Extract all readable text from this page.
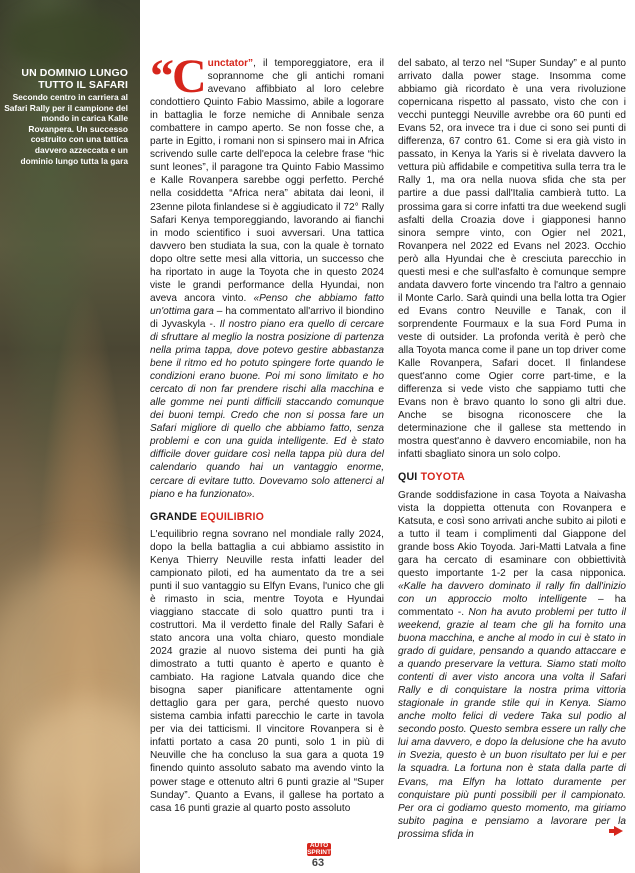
UN DOMINIO LUNGO TUTTO IL SAFARI
Secondo centro in carriera al Safari Rally per il campione del mondo in carica Kalle Rovanpera. Un successo costruito con una tattica davvero azzeccata e un dominio lungo tutta la gara

“Cunctator”, il temporeggiatore, era il soprannome che gli antichi romani avevano affibbiato al loro celebre condottiero Quinto Fabio Massimo, abile a logorare in battaglia le forze nemiche di Annibale senza combattere in campo aperto. Se non fosse che, a parte in Egitto, i romani non si spinsero mai in Africa scrivendo sulle carte dell'epoca la celebre frase “hic sunt leones”, il paragone tra Quinto Fabio Massimo e Kalle Rovanpera sarebbe oggi perfetto. Perché nella cosiddetta “Africa nera” abitata dai leoni, il 23enne pilota finlandese si è aggiudicato il 72° Rally Safari Kenya temporeggiando, lavorando ai fianchi in modo scientifico i suoi avversari. Una tattica davvero ben studiata la sua, con la quale è tornato dopo oltre sette mesi alla vittoria, un successo che ha riportato in auge la Toyota che in questo 2024 viste le grandi performance della Hyundai, non aveva ancora vinto. «Penso che abbiamo fatto un'ottima gara – ha commentato all'arrivo il biondino di Jyvaskyla -. Il nostro piano era quello di cercare di sfruttare al meglio la nostra posizione di partenza nella prima tappa, dove potevo gestire abbastanza bene il ritmo ed ho potuto spingere forte quando le condizioni erano buone. Poi mi sono limitato e ho cercato di non far prendere rischi alla macchina e alle gomme nei punti difficili staccando comunque dei buoni tempi. Credo che non si possa fare un Safari migliore di quello che abbiamo fatto, senza problemi e con una guida intelligente. Ed è stato difficile dover guidare così nella tappa più dura del calendario quando hai un vantaggio enorme, cercare di evitare tutto. Dovevamo solo attenerci al piano e ha funzionato».

GRANDE EQUILIBRIO

L'equilibrio regna sovrano nel mondiale rally 2024, dopo la bella battaglia a cui abbiamo assistito in Kenya Thierry Neuville resta infatti leader del campionato piloti, ed ha aumentato da tre a sei punti il suo vantaggio su Elfyn Evans, l'unico che gli è rimasto in scia, mentre Toyota e Hyundai viaggiano staccate di solo quattro punti tra i costruttori. Ma il verdetto finale del Rally Safari è stato ancora una volta chiaro, questo mondiale 2024 grazie al nuovo sistema dei punti ha già dimostrato a tutti quanto è aperto e quanto è cambiato. Ha ragione Latvala quando dice che bisogna saper pianificare attentamente ogni dettaglio gara per gara, perché questo nuovo sistema cambia infatti parecchio le carte in tavola per via dei tatticismi. Il vincitore Rovanpera si è infatti portato a casa 20 punti, solo 1 in più di Neuville che ha concluso la sua gara a quota 19 finendo quinto assoluto sabato ma avendo vinto la power stage e ottenuto altri 6 punti grazie al “Super Sunday”. Quanto a Evans, il gallese ha portato a casa 16 punti grazie al quarto posto assoluto

del sabato, al terzo nel “Super Sunday” e al punto arrivato dalla power stage. Insomma come abbiamo già ricordato è una vera rivoluzione copernicana rispetto al passato, visto che con i vecchi punteggi Neuville avrebbe ora 60 punti ed Evans 52, ora invece tra i due ci sono sei punti di differenza, 67 contro 61. Come si era già visto in passato, in Kenya la Yaris si è rivelata davvero la vettura più affidabile e competitiva sulla terra tra le Rally 1, ma ora nella nuova sfida che sta per partire a due passi dall'Italia cambierà tutto. La prossima gara si corre infatti tra due weekend sugli asfalti della Croazia dove i giapponesi hanno sinora sempre vinto, con Ogier nel 2021, Rovanpera nel 2022 ed Evans nel 2023. Occhio però alla Hyundai che è cresciuta parecchio in questi mesi e che sull'asfalto è comunque sempre andata davvero forte vincendo tra l'altro a gennaio il Monte Carlo. Sarà quindi una bella lotta tra Ogier ed Evans contro Neuville e Tanak, con il sorprendente Fourmaux e la sua Ford Puma in veste di outsider. La profonda verità è però che alla Toyota manca come il pane un top driver come Kalle Rovanpera, Safari docet. Il finlandese quest'anno come Ogier corre part-time, e la differenza si vede visto che sappiamo tutti che Evans non è bravo quanto lo sono gli altri due. Anche se bisogna riconoscere che la determinazione che il gallese sta mettendo in mostra quest'anno è davvero encomiabile, non ha infatti sbagliato sinora un solo colpo.

QUI TOYOTA

Grande soddisfazione in casa Toyota a Naivasha vista la doppietta ottenuta con Rovanpera e Katsuta, e così sono arrivati anche subito ai piloti e a tutto il team i complimenti dal Giappone del grande boss Akio Toyoda. Jari-Matti Latvala a fine gara ha cercato di esaminare con obbiettività questo importante 1-2 per la casa nipponica. «Kalle ha davvero dominato il rally fin dall'inizio con un approccio molto intelligente – ha commentato -. Non ha avuto problemi per tutto il weekend, grazie al team che gli ha fornito una buona macchina, e anche al modo in cui è stato in grado di guidare, pensando a quando attaccare e a quando preservare la vettura. Siamo stati molto contenti di aver visto ancora una volta il Safari Rally e di conquistare la nostra prima vittoria stagionale in grande stile qui in Kenya. Siamo anche molto felici di vedere Taka sul podio al secondo posto. Questo sembra essere un rally che lui ama davvero, e dopo la delusione che ha avuto in Svezia, questo è un buon risultato per lui e per la squadra. La fortuna non è stata dalla parte di Evans, ma Elfyn ha lottato duramente per conquistare più punti possibili per il campionato. Per ora ci godiamo questo momento, ma giriamo subito pagina e pensiamo a lavorare per la prossima sfida in

AUTO SPRINT
63
